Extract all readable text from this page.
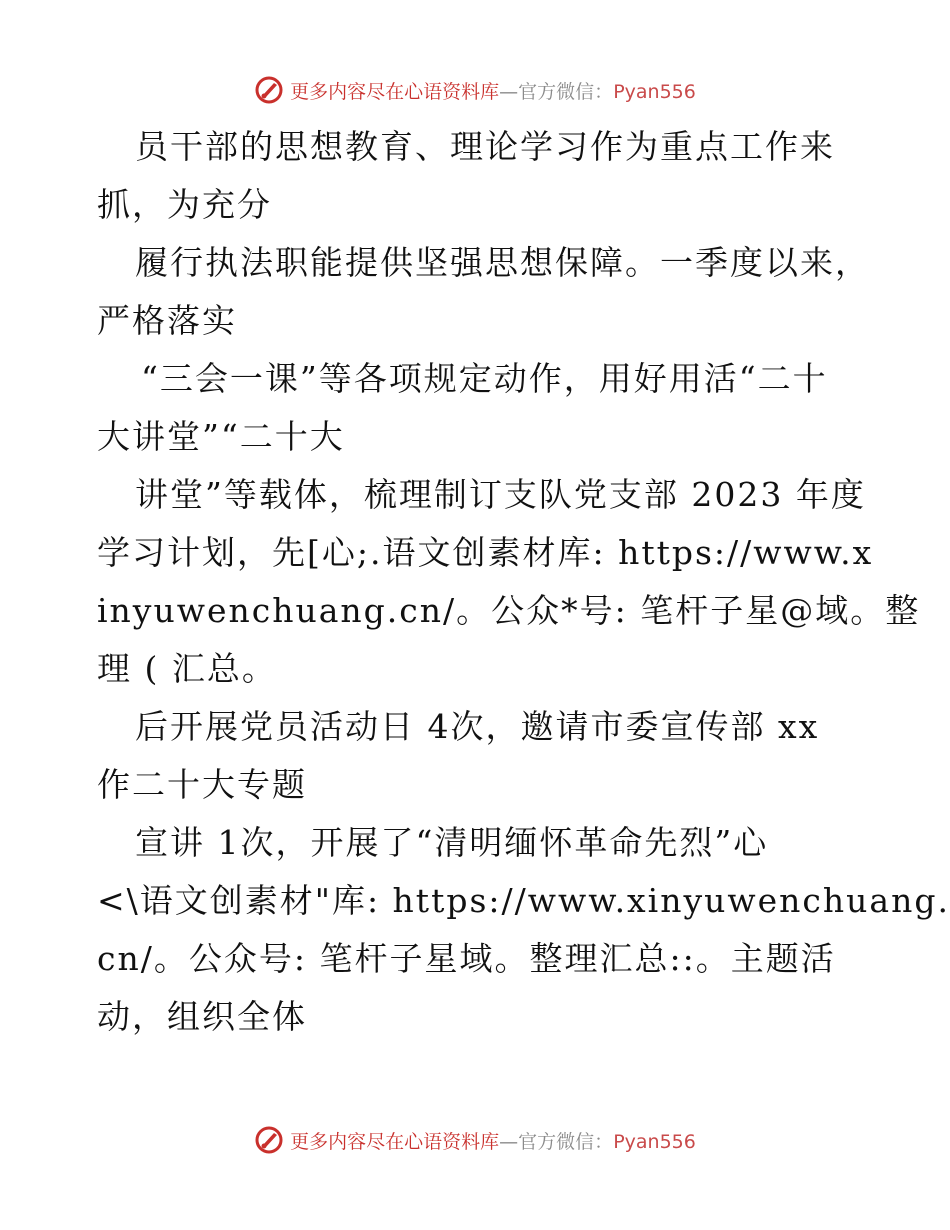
更多内容尽在心语资料库—官方微信：Pyan556
员干部的思想教育、理论学习作为重点工作来
抓，为充分
履行执法职能提供坚强思想保障。一季度以来，
严格落实
“三会一课”等各项规定动作，用好用活“二十
大讲堂”“二十大
讲堂”等载体，梳理制订支队党支部 2023 年度
学习计划，先[心;.语文创素材库: https://www.x
inyuwenchuang.cn/。公众*号: 笔杆子星@域。整
理 ( 汇总。
后开展党员活动日 4次，邀请市委宣传部 xx
作二十大专题
宣讲 1次，开展了“清明缅怀革命先烈”心
<\语文创素材"库: https://www.xinyuwenchuang.
cn/。公众号: 笔杆子星域。整理汇总::。主题活
动，组织全体
更多内容尽在心语资料库—官方微信：Pyan556
